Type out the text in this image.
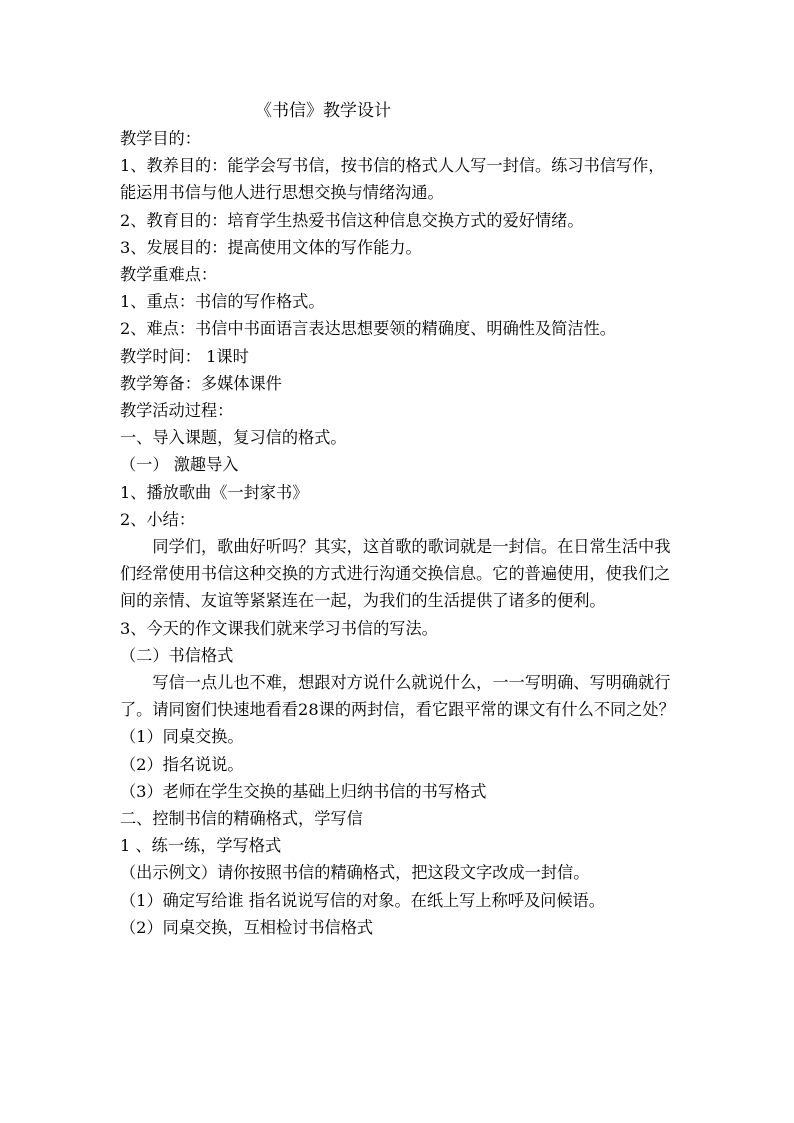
《书信》教学设计

教学目的：

1、教养目的：能学会写书信，按书信的格式人人写一封信。练习书信写作，能运用书信与他人进行思想交换与情绪沟通。

2、教育目的：培育学生热爱书信这种信息交换方式的爱好情绪。

3、发展目的：提高使用文体的写作能力。

教学重难点：

1、重点：书信的写作格式。

2、难点：书信中书面语言表达思想要领的精确度、明确性及简洁性。

教学时间： 1课时

教学筹备：多媒体课件

教学活动过程：

一、导入课题，复习信的格式。

（一） 激趣导入

1、播放歌曲《一封家书》

2、小结：

同学们，歌曲好听吗？其实，这首歌的歌词就是一封信。在日常生活中我们经常使用书信这种交换的方式进行沟通交换信息。它的普遍使用，使我们之间的亲情、友谊等紧紧连在一起，为我们的生活提供了诸多的便利。

3、今天的作文课我们就来学习书信的写法。

（二）书信格式

写信一点儿也不难，想跟对方说什么就说什么，一一写明确、写明确就行了。请同窗们快速地看看28课的两封信，看它跟平常的课文有什么不同之处？

（1）同桌交换。

（2）指名说说。

（3）老师在学生交换的基础上归纳书信的书写格式

二、控制书信的精确格式，学写信

1 、练一练，学写格式

（出示例文）请你按照书信的精确格式，把这段文字改成一封信。

（1）确定写给谁 指名说说写信的对象。在纸上写上称呼及问候语。

（2）同桌交换，互相检讨书信格式
